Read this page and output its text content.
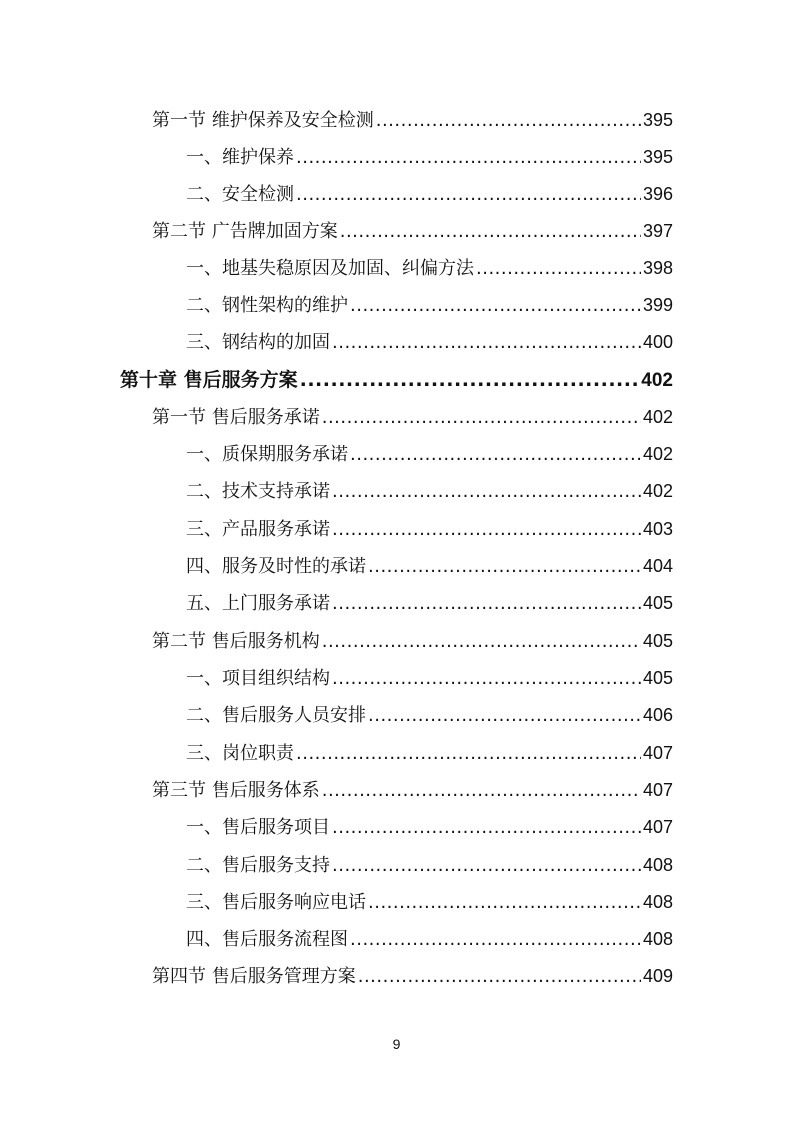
第一节 维护保养及安全检测 .....	395
一、维护保养 .....	395
二、安全检测 .....	396
第二节 广告牌加固方案 .....	397
一、地基失稳原因及加固、纠偏方法 .....	398
二、钢性架构的维护 .....	399
三、钢结构的加固 .....	400
第十章 售后服务方案 .....	402
第一节 售后服务承诺 .....	402
一、质保期服务承诺 .....	402
二、技术支持承诺 .....	402
三、产品服务承诺 .....	403
四、服务及时性的承诺 .....	404
五、上门服务承诺 .....	405
第二节 售后服务机构 .....	405
一、项目组织结构 .....	405
二、售后服务人员安排 .....	406
三、岗位职责 .....	407
第三节 售后服务体系 .....	407
一、售后服务项目 .....	407
二、售后服务支持 .....	408
三、售后服务响应电话 .....	408
四、售后服务流程图 .....	408
第四节 售后服务管理方案 .....	409
9
